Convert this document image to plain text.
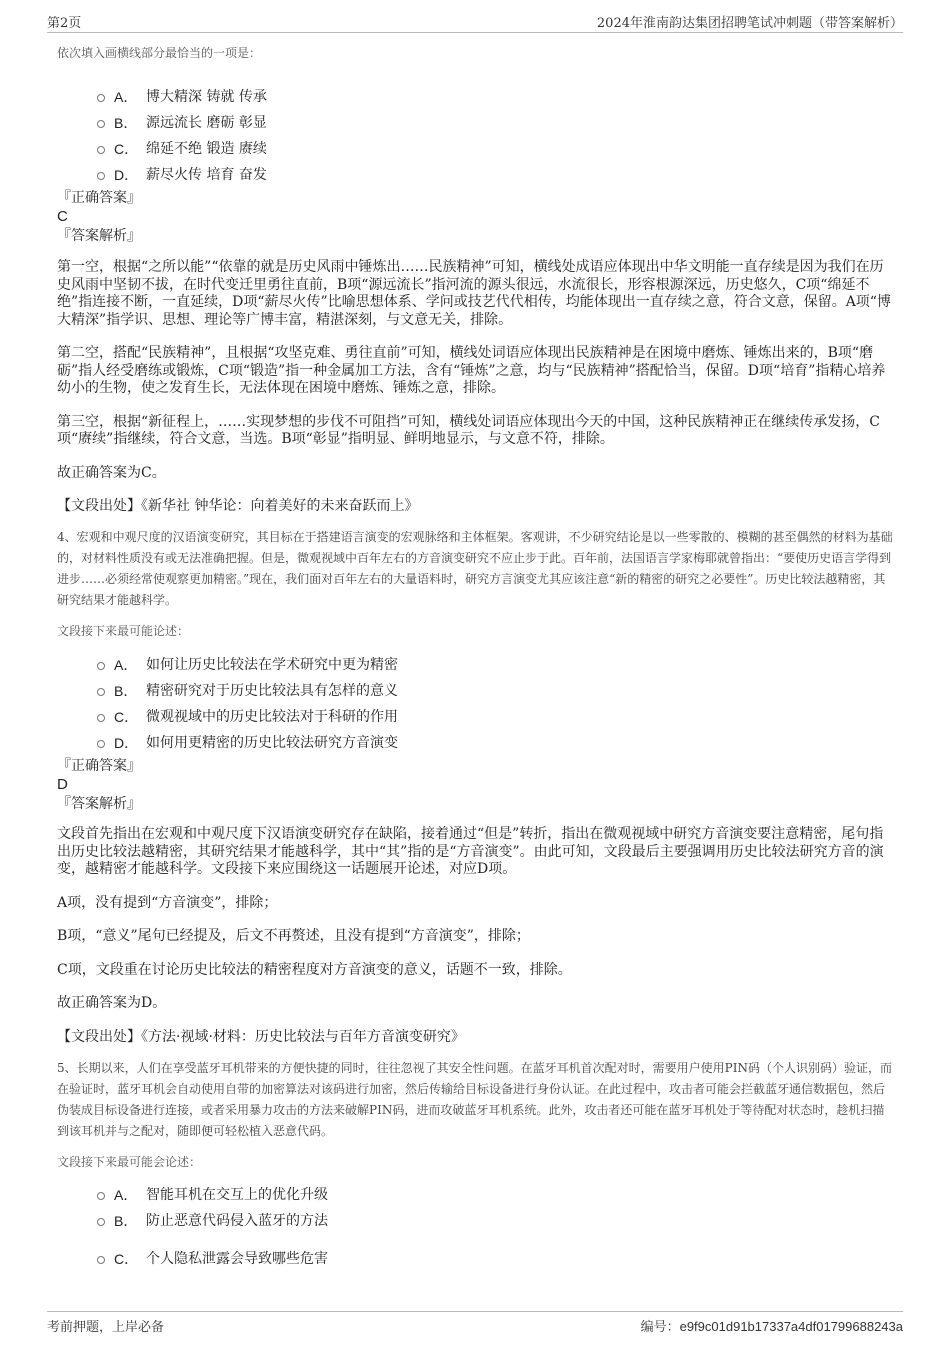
第2页	2024年淮南韵达集团招聘笔试冲刺题（带答案解析）

依次填入画横线部分最恰当的一项是：

A． 博大精深 铸就 传承
B． 源远流长 磨砺 彰显
C． 绵延不绝 锻造 赓续
D． 薪尽火传 培育 奋发

『正确答案』

C

『答案解析』

第一空，根据“之所以能”“依靠的就是历史风雨中锤炼出……民族精神”可知，横线处成语应体现出中华文明能一直存续是因为我们在历史风雨中坚韧不拔，在时代变迁里勇往直前，B项“源远流长”指河流的源头很远，水流很长，形容根源深远，历史悠久，C项“绵延不绝”指连接不断，一直延续，D项“薪尽火传”比喻思想体系、学问或技艺代代相传，均能体现出一直存续之意，符合文意，保留。A项“博大精深”指学识、思想、理论等广博丰富，精湛深刻，与文意无关，排除。

第二空，搭配“民族精神”，且根据“攻坚克难、勇往直前”可知，横线处词语应体现出民族精神是在困境中磨炼、锤炼出来的，B项“磨砺”指人经受磨练或锻炼，C项“锻造”指一种金属加工方法，含有“锤炼”之意，均与“民族精神”搭配恰当，保留。D项“培育”指精心培养幼小的生物，使之发育生长，无法体现在困境中磨炼、锤炼之意，排除。

第三空，根据“新征程上，……实现梦想的步伐不可阻挡”可知，横线处词语应体现出今天的中国，这种民族精神正在继续传承发扬，C项“赓续”指继续，符合文意，当选。B项“彰显”指明显、鲜明地显示，与文意不符，排除。

故正确答案为C。

【文段出处】《新华社 钟华论：向着美好的未来奋跃而上》

4、宏观和中观尺度的汉语演变研究，其目标在于搭建语言演变的宏观脉络和主体框架。客观讲，不少研究结论是以一些零散的、模糊的甚至偶然的材料为基础的，对材料性质没有或无法准确把握。但是，微观视域中百年左右的方音演变研究不应止步于此。百年前，法国语言学家梅耶就曾指出：“要使历史语言学得到进步……必须经常使观察更加精密。”现在，我们面对百年左右的大量语料时，研究方言演变尤其应该注意“新的精密的研究之必要性”。历史比较法越精密，其研究结果才能越科学。

文段接下来最可能论述：

A． 如何让历史比较法在学术研究中更为精密
B． 精密研究对于历史比较法具有怎样的意义
C． 微观视域中的历史比较法对于科研的作用
D． 如何用更精密的历史比较法研究方音演变

『正确答案』

D

『答案解析』

文段首先指出在宏观和中观尺度下汉语演变研究存在缺陷，接着通过“但是”转折，指出在微观视域中研究方音演变要注意精密，尾句指出历史比较法越精密，其研究结果才能越科学，其中“其”指的是“方音演变”。由此可知，文段最后主要强调用历史比较法研究方音的演变，越精密才能越科学。文段接下来应围绕这一话题展开论述，对应D项。

A项，没有提到“方音演变”，排除；

B项，“意义”尾句已经提及，后文不再赘述，且没有提到“方音演变”，排除；

C项，文段重在讨论历史比较法的精密程度对方音演变的意义，话题不一致，排除。

故正确答案为D。

【文段出处】《方法·视域·材料：历史比较法与百年方音演变研究》

5、长期以来，人们在享受蓝牙耳机带来的方便快捷的同时，往往忽视了其安全性问题。在蓝牙耳机首次配对时，需要用户使用PIN码（个人识别码）验证，而在验证时，蓝牙耳机会自动使用自带的加密算法对该码进行加密，然后传输给目标设备进行身份认证。在此过程中，攻击者可能会拦截蓝牙通信数据包，然后伪装成目标设备进行连接，或者采用暴力攻击的方法来破解PIN码，进而攻破蓝牙耳机系统。此外，攻击者还可能在蓝牙耳机处于等待配对状态时，趁机扫描到该耳机并与之配对，随即便可轻松植入恶意代码。

文段接下来最可能会论述：

A． 智能耳机在交互上的优化升级
B． 防止恶意代码侵入蓝牙的方法
C． 个人隐私泄露会导致哪些危害
考前押题，上岸必备	编号：e9f9c01d91b17337a4df01799688243a
